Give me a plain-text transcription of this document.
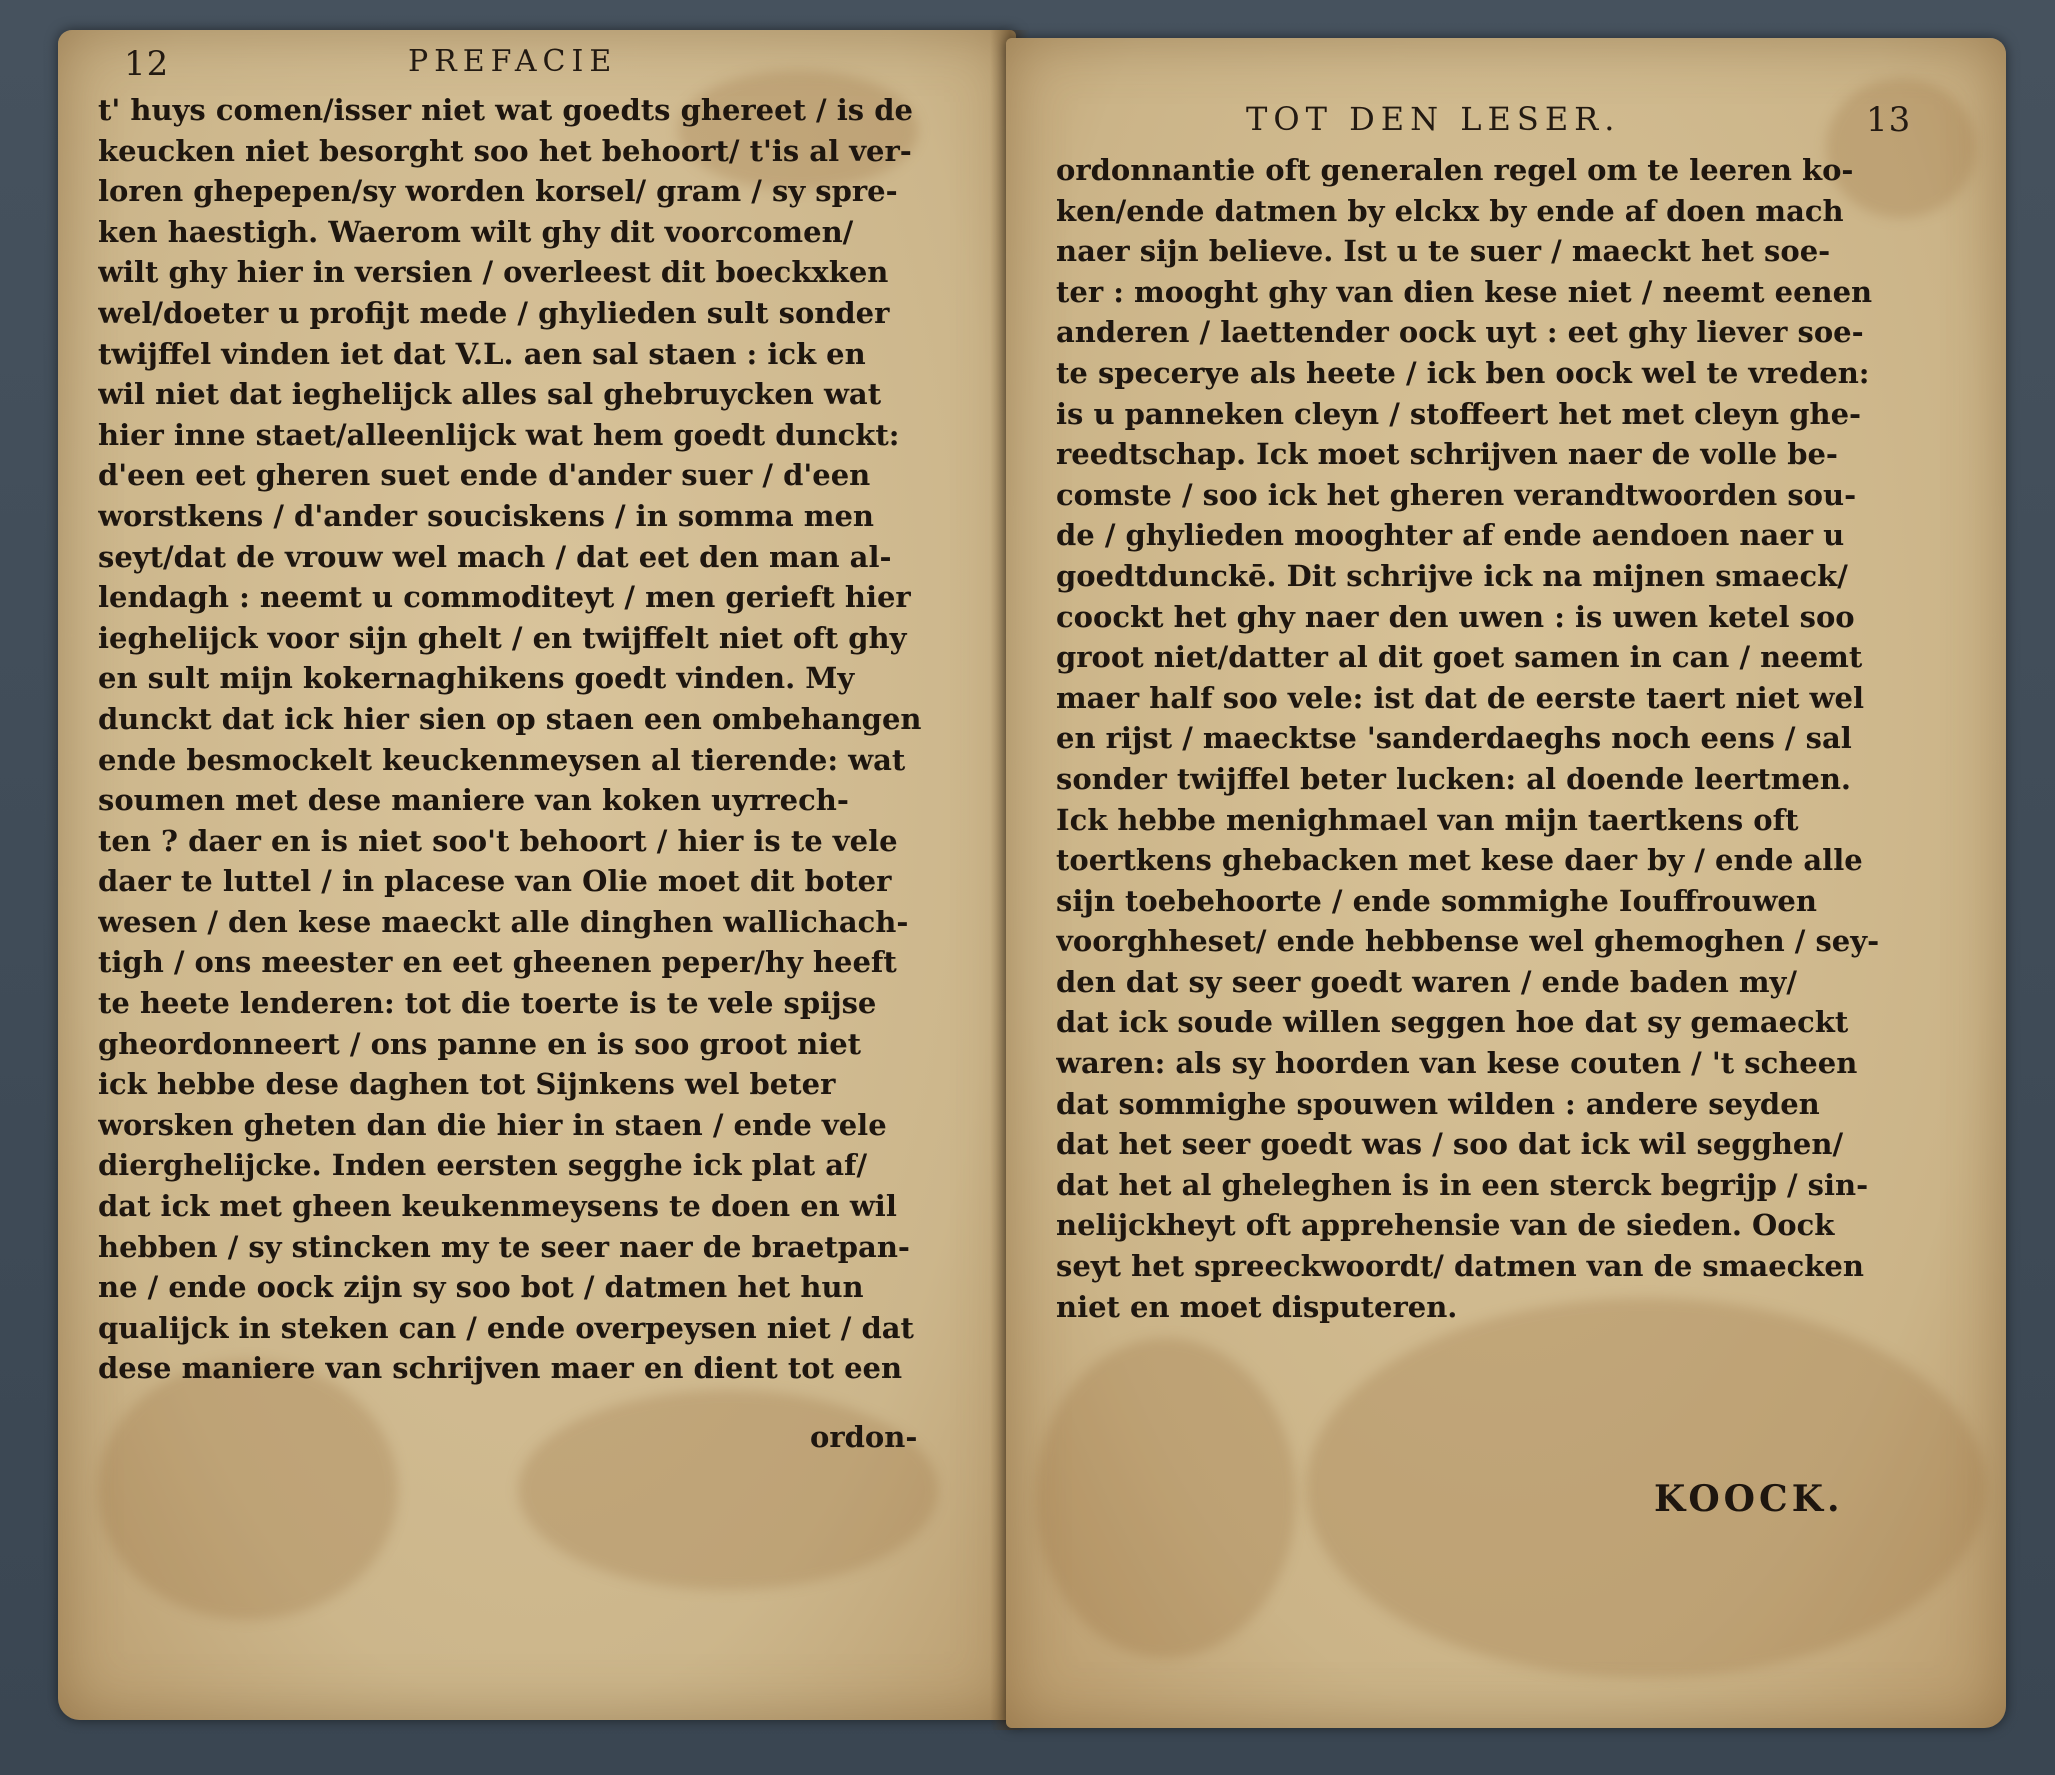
12	PREFACIE
t' huys comen/isser niet wat goedts ghereet / is de
keucken niet besorght soo het behoort/ t'is al ver-
loren ghepepen/sy worden korsel/ gram / sy spre-
ken haestigh. Waerom wilt ghy dit voorcomen/
wilt ghy hier in versien / overleest dit boeckxken
wel/doeter u profijt mede / ghylieden sult sonder
twijffel vinden iet dat V.L. aen sal staen : ick en
wil niet dat ieghelijck alles sal ghebruycken wat
hier inne staet/alleenlijck wat hem goedt dunckt:
d'een eet gheren suet ende d'ander suer / d'een
worstkens / d'ander souciskens / in somma men
seyt/dat de vrouw wel mach / dat eet den man al-
lendagh : neemt u commoditeyt / men gerieft hier
ieghelijck voor sijn ghelt / en twijffelt niet oft ghy
en sult mijn kokernaghikens goedt vinden. My
dunckt dat ick hier sien op staen een ombehangen
ende besmockelt keuckenmeysen al tierende: wat
soumen met dese maniere van koken uyrrech-
ten ? daer en is niet soo't behoort / hier is te vele
daer te luttel / in placese van Olie moet dit boter
wesen / den kese maeckt alle dinghen wallichach-
tigh / ons meester en eet gheenen peper/hy heeft
te heete lenderen: tot die toerte is te vele spijse
gheordonneert / ons panne en is soo groot niet
ick hebbe dese daghen tot Sijnkens wel beter
worsken gheten dan die hier in staen / ende vele
dierghelijcke. Inden eersten segghe ick plat af/
dat ick met gheen keukenmeysens te doen en wil
hebben / sy stincken my te seer naer de braetpan-
ne / ende oock zijn sy soo bot / datmen het hun
qualijck in steken can / ende overpeysen niet / dat
dese maniere van schrijven maer en dient tot een
ordon-
TOT DEN LESER.	13
ordonnantie oft generalen regel om te leeren ko-
ken/ende datmen by elckx by ende af doen mach
naer sijn believe. Ist u te suer / maeckt het soe-
ter : mooght ghy van dien kese niet / neemt eenen
anderen / laettender oock uyt : eet ghy liever soe-
te specerye als heete / ick ben oock wel te vreden:
is u panneken cleyn / stoffeert het met cleyn ghe-
reedtschap. Ick moet schrijven naer de volle be-
comste / soo ick het gheren verandtwoorden sou-
de / ghylieden mooghter af ende aendoen naer u
goedtdunckē. Dit schrijve ick na mijnen smaeck/
coockt het ghy naer den uwen : is uwen ketel soo
groot niet/datter al dit goet samen in can / neemt
maer half soo vele: ist dat de eerste taert niet wel
en rijst / maecktse 'sanderdaeghs noch eens / sal
sonder twijffel beter lucken: al doende leertmen.
Ick hebbe menighmael van mijn taertkens oft
toertkens ghebacken met kese daer by / ende alle
sijn toebehoorte / ende sommighe Iouffrouwen
voorghheset/ ende hebbense wel ghemoghen / sey-
den dat sy seer goedt waren / ende baden my/
dat ick soude willen seggen hoe dat sy gemaeckt
waren: als sy hoorden van kese couten / 't scheen
dat sommighe spouwen wilden : andere seyden
dat het seer goedt was / soo dat ick wil segghen/
dat het al gheleghen is in een sterck begrijp / sin-
nelijckheyt oft apprehensie van de sieden. Oock
seyt het spreeckwoordt/ datmen van de smaecken
niet en moet disputeren.
KOOCK.
